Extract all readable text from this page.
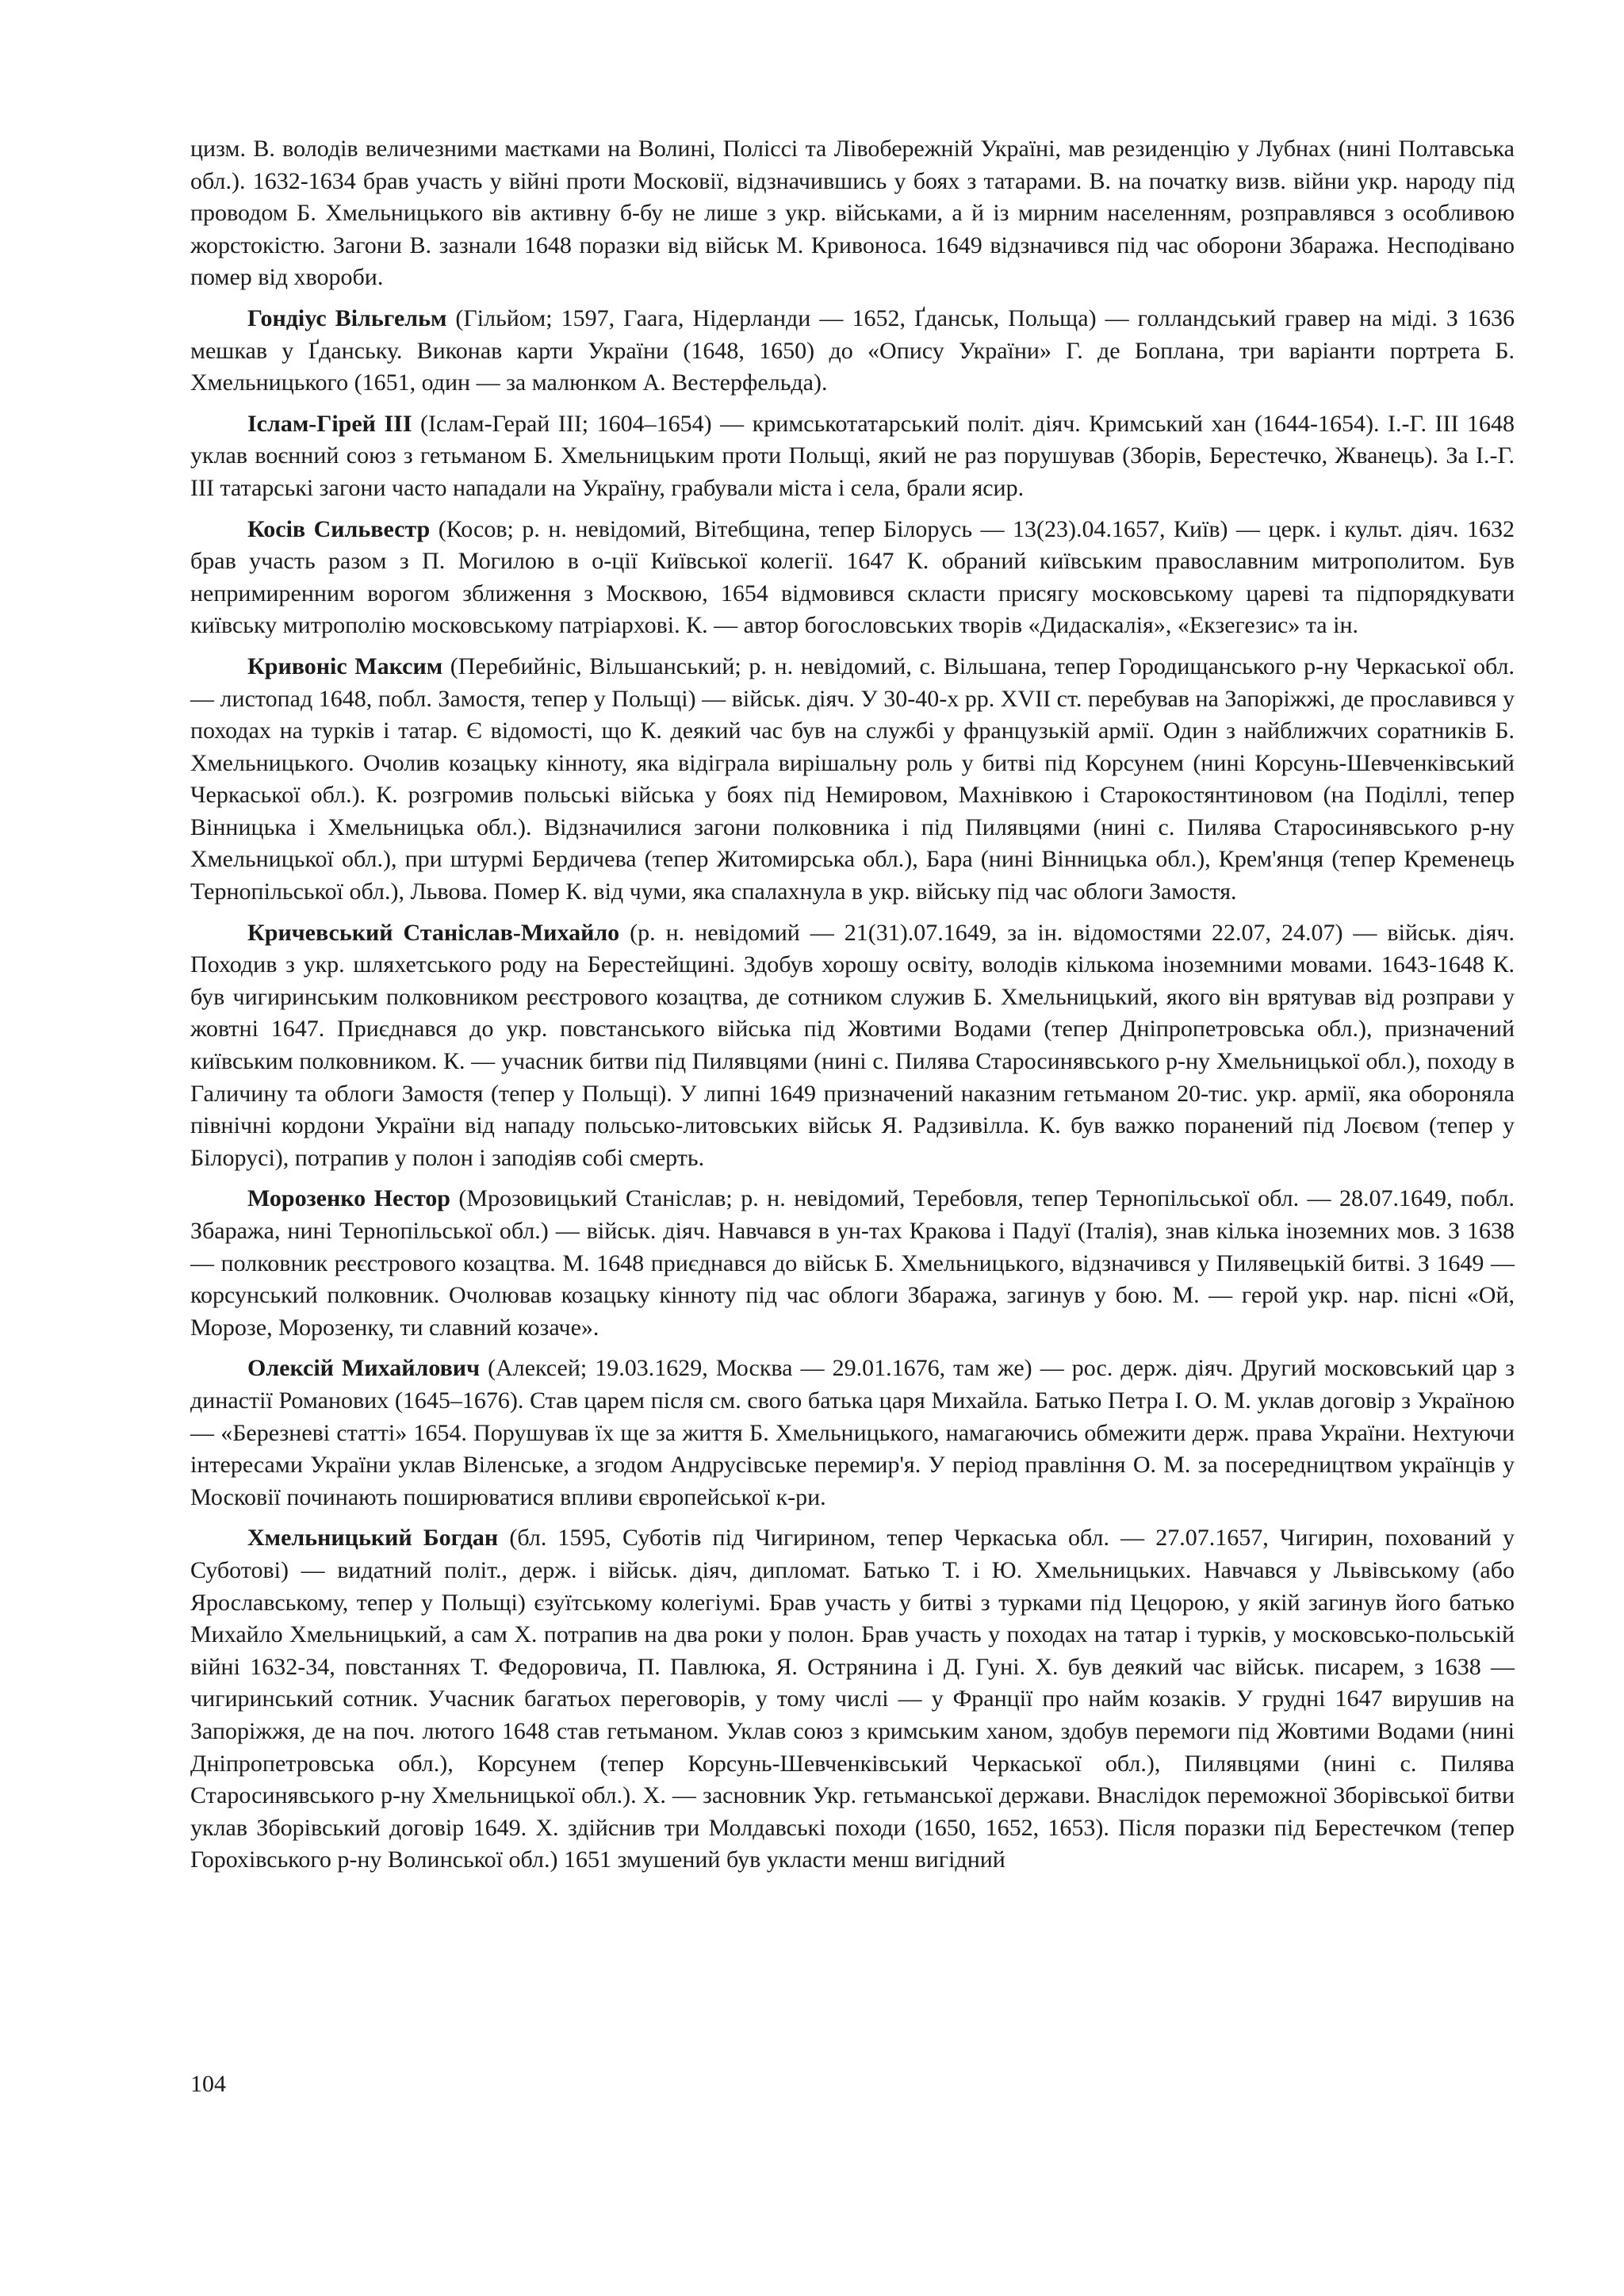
цизм. В. володів величезними маєтками на Волині, Поліссі та Лівобережній Україні, мав резиденцію у Лубнах (нині Полтавська обл.). 1632-1634 брав участь у війні проти Московії, відзначившись у боях з татарами. В. на початку визв. війни укр. народу під проводом Б. Хмельницького вів активну б-бу не лише з укр. військами, а й із мирним населенням, розправлявся з особливою жорстокістю. Загони В. зазнали 1648 поразки від військ М. Кривоноса. 1649 відзначився під час оборони Збаража. Несподівано помер від хвороби.

Гондіус Вільгельм (Гільйом; 1597, Гаага, Нідерланди — 1652, Ґданськ, Польща) — голландський гравер на міді. З 1636 мешкав у Ґданську. Виконав карти України (1648, 1650) до «Опису України» Г. де Боплана, три варіанти портрета Б. Хмельницького (1651, один — за малюнком А. Вестерфельда).

Іслам-Гірей III (Іслам-Герай III; 1604–1654) — кримськотатарський політ. діяч. Кримський хан (1644-1654). І.-Г. III 1648 уклав воєнний союз з гетьманом Б. Хмельницьким проти Польщі, який не раз порушував (Зборів, Берестечко, Жванець). За І.-Г. III татарські загони часто нападали на Україну, грабували міста і села, брали ясир.

Косів Сильвестр (Косов; р. н. невідомий, Вітебщина, тепер Білорусь — 13(23).04.1657, Київ) — церк. і культ. діяч. 1632 брав участь разом з П. Могилою в о-ції Київської колегії. 1647 К. обраний київським православним митрополитом. Був непримиренним ворогом зближення з Москвою, 1654 відмовився скласти присягу московському цареві та підпорядкувати київську митрополію московському патріархові. К. — автор богословських творів «Дидаскалія», «Екзегезис» та ін.

Кривоніс Максим (Перебийніс, Вільшанський; р. н. невідомий, с. Вільшана, тепер Городищанського р-ну Черкаської обл. — листопад 1648, побл. Замостя, тепер у Польщі) — військ. діяч. У 30-40-х рр. XVII ст. перебував на Запоріжжі, де прославився у походах на турків і татар. Є відомості, що К. деякий час був на службі у французькій армії. Один з найближчих соратників Б. Хмельницького. Очолив козацьку кінноту, яка відіграла вирішальну роль у битві під Корсунем (нині Корсунь-Шевченківський Черкаської обл.). К. розгромив польські війська у боях під Немировом, Махнівкою і Старокостянтиновом (на Поділлі, тепер Вінницька і Хмельницька обл.). Відзначилися загони полковника і під Пилявцями (нині с. Пилява Старосинявського р-ну Хмельницької обл.), при штурмі Бердичева (тепер Житомирська обл.), Бара (нині Вінницька обл.), Крем'янця (тепер Кременець Тернопільської обл.), Львова. Помер К. від чуми, яка спалахнула в укр. війську під час облоги Замостя.

Кричевський Станіслав-Михайло (р. н. невідомий — 21(31).07.1649, за ін. відомостями 22.07, 24.07) — військ. діяч. Походив з укр. шляхетського роду на Берестейщині. Здобув хорошу освіту, володів кількома іноземними мовами. 1643-1648 К. був чигиринським полковником реєстрового козацтва, де сотником служив Б. Хмельницький, якого він врятував від розправи у жовтні 1647. Приєднався до укр. повстанського війська під Жовтими Водами (тепер Дніпропетровська обл.), призначений київським полковником. К. — учасник битви під Пилявцями (нині с. Пилява Старосинявського р-ну Хмельницької обл.), походу в Галичину та облоги Замостя (тепер у Польщі). У липні 1649 призначений наказним гетьманом 20-тис. укр. армії, яка обороняла північні кордони України від нападу польсько-литовських військ Я. Радзивілла. К. був важко поранений під Лоєвом (тепер у Білорусі), потрапив у полон і заподіяв собі смерть.

Морозенко Нестор (Мрозовицький Станіслав; р. н. невідомий, Теребовля, тепер Тернопільської обл. — 28.07.1649, побл. Збаража, нині Тернопільської обл.) — військ. діяч. Навчався в ун-тах Кракова і Падуї (Італія), знав кілька іноземних мов. З 1638 — полковник реєстрового козацтва. М. 1648 приєднався до військ Б. Хмельницького, відзначився у Пилявецькій битві. З 1649 — корсунський полковник. Очолював козацьку кінноту під час облоги Збаража, загинув у бою. М. — герой укр. нар. пісні «Ой, Морозе, Морозенку, ти славний козаче».

Олексій Михайлович (Алексей; 19.03.1629, Москва — 29.01.1676, там же) — рос. держ. діяч. Другий московський цар з династії Романових (1645–1676). Став царем після см. свого батька царя Михайла. Батько Петра І. О. М. уклав договір з Україною — «Березневі статті» 1654. Порушував їх ще за життя Б. Хмельницького, намагаючись обмежити держ. права України. Нехтуючи інтересами України уклав Віленське, а згодом Андрусівське перемир'я. У період правління О. М. за посередництвом українців у Московії починають поширюватися впливи європейської к-ри.

Хмельницький Богдан (бл. 1595, Суботів під Чигирином, тепер Черкаська обл. — 27.07.1657, Чигирин, похований у Суботові) — видатний політ., держ. і військ. діяч, дипломат. Батько Т. і Ю. Хмельницьких. Навчався у Львівському (або Ярославському, тепер у Польщі) єзуїтському колегіумі. Брав участь у битві з турками під Цецорою, у якій загинув його батько Михайло Хмельницький, а сам Х. потрапив на два роки у полон. Брав участь у походах на татар і турків, у московсько-польській війні 1632-34, повстаннях Т. Федоровича, П. Павлюка, Я. Острянина і Д. Гуні. Х. був деякий час військ. писарем, з 1638 — чигиринський сотник. Учасник багатьох переговорів, у тому числі — у Франції про найм козаків. У грудні 1647 вирушив на Запоріжжя, де на поч. лютого 1648 став гетьманом. Уклав союз з кримським ханом, здобув перемоги під Жовтими Водами (нині Дніпропетровська обл.), Корсунем (тепер Корсунь-Шевченківський Черкаської обл.), Пилявцями (нині с. Пилява Старосинявського р-ну Хмельницької обл.). Х. — засновник Укр. гетьманської держави. Внаслідок переможної Зборівської битви уклав Зборівський договір 1649. Х. здійснив три Молдавські походи (1650, 1652, 1653). Після поразки під Берестечком (тепер Горохівського р-ну Волинської обл.) 1651 змушений був укласти менш вигідний

104
